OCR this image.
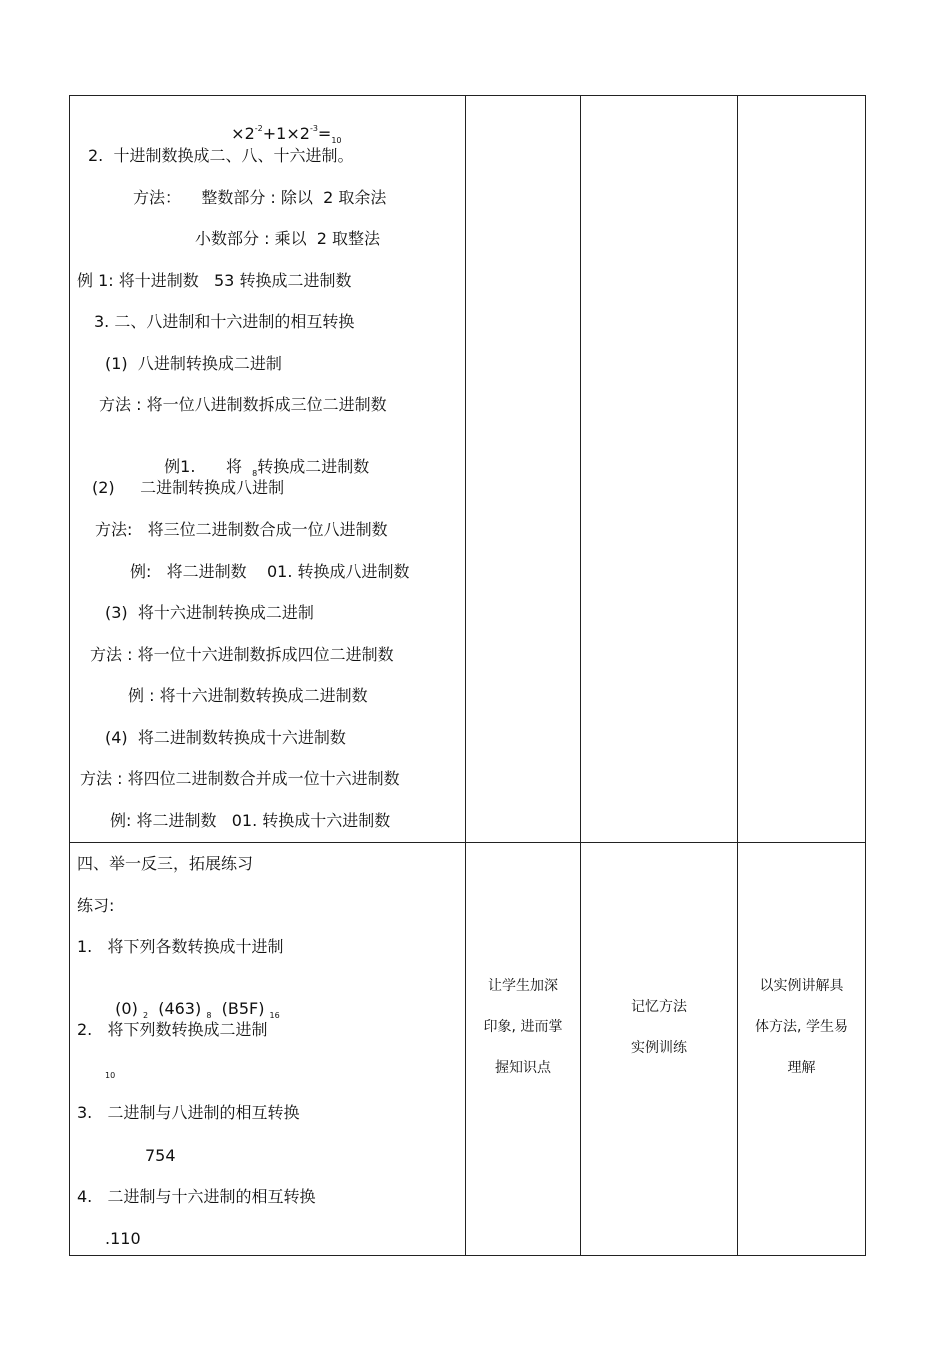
$\times 2^{-2}+1\times 2^{-3}=_{10}$

2.  十进制数换成二、八、十六进制。
方法：    整数部分 : 除以  2 取余法
小数部分 : 乘以  2 取整法
例 1: 将十进制数   53 转换成二进制数
3. 二、八进制和十六进制的相互转换
(1)  八进制转换成二进制
方法 : 将一位八进制数拆成三位二进制数

例1.      将  $_8$转换成二进制数

(2)     二进制转换成八进制
方法:   将三位二进制数合成一位八进制数
例:   将二进制数    01. 转换成八进制数
(3)  将十六进制转换成二进制
方法 : 将一位十六进制数拆成四位二进制数
例 : 将十六进制数转换成二进制数
(4)  将二进制数转换成十六进制数
方法 : 将四位二进制数合并成一位十六进制数
例: 将二进制数   01. 转换成十六进制数
四、举一反三，拓展练习
练习:
1.   将下列各数转换成十进制

(0) $_2$ (463) $_8$ (B5F) $_{16}$

2.   将下列数转换成二进制
10
3.   二进制与八进制的相互转换
754
4.   二进制与十六进制的相互转换
.110
让学生加深
印象, 进而掌
握知识点
记忆方法
实例训练
以实例讲解具
体方法, 学生易
理解
